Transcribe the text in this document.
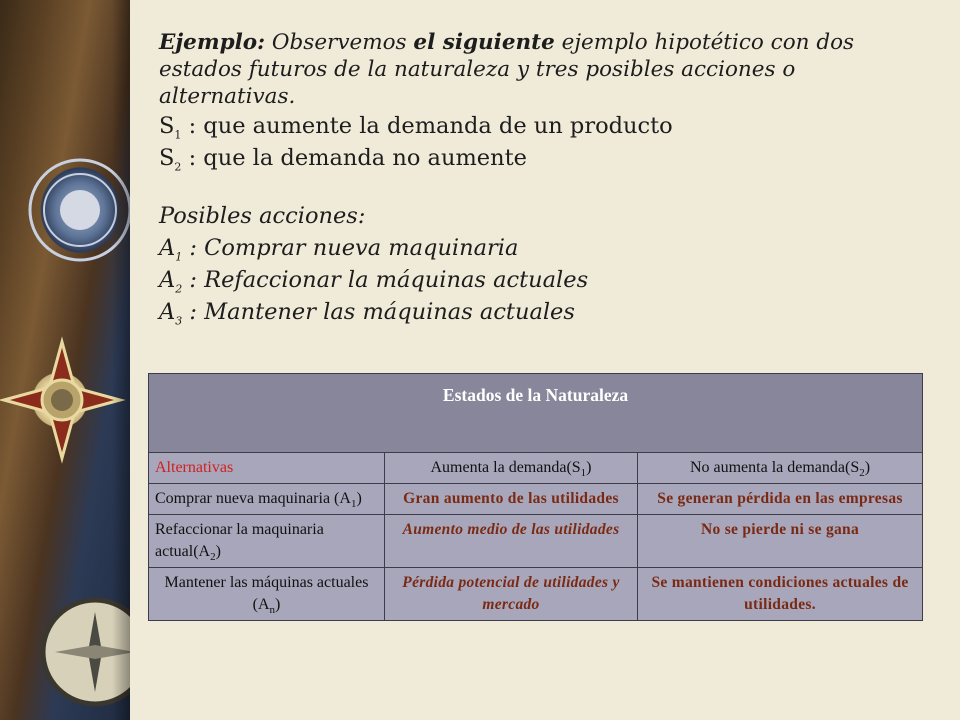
Ejemplo: Observemos el siguiente ejemplo hipotético con dos
estados futuros de la naturaleza y tres posibles acciones o
alternativas.
$S_1$ : que aumente la demanda de un producto
$S_2$ : que la demanda no aumente
Posibles acciones:
$A_1$ : Comprar nueva maquinaria
$A_2$ : Refaccionar la máquinas actuales
$A_3$ : Mantener las máquinas actuales
Estados de la Naturaleza		
Alternativas	Aumenta la $demanda(S_1)$	No aumenta la $demanda(S_2)$
Comprar nueva maquinaria $(A_1)$	Gran aumento de las utilidades	Se generan pérdida en las empresas
Refaccionar la maquinaria $actual(A_2)$	Aumento medio de las utilidades	No se pierde ni se gana
Mantener las máquinas actuales $(A_n)$	Pérdida potencial de utilidades y mercado	Se mantienen condiciones actuales de utilidades.
